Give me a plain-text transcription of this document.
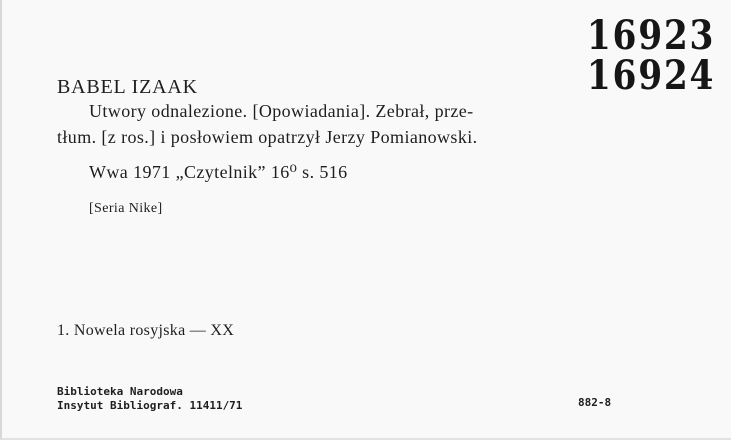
16923
16924
BABEL IZAAK
Utwory odnalezione. [Opowiadania]. Zebrał, prze-
tłum. [z ros.] i posłowiem opatrzył Jerzy Pomianowski.
Wwa 1971 „Czytelnik” 16⁰ s. 516
[Seria Nike]
1. Nowela rosyjska — XX
Biblioteka Narodowa
Insytut Bibliograf. 11411/71	882-8
